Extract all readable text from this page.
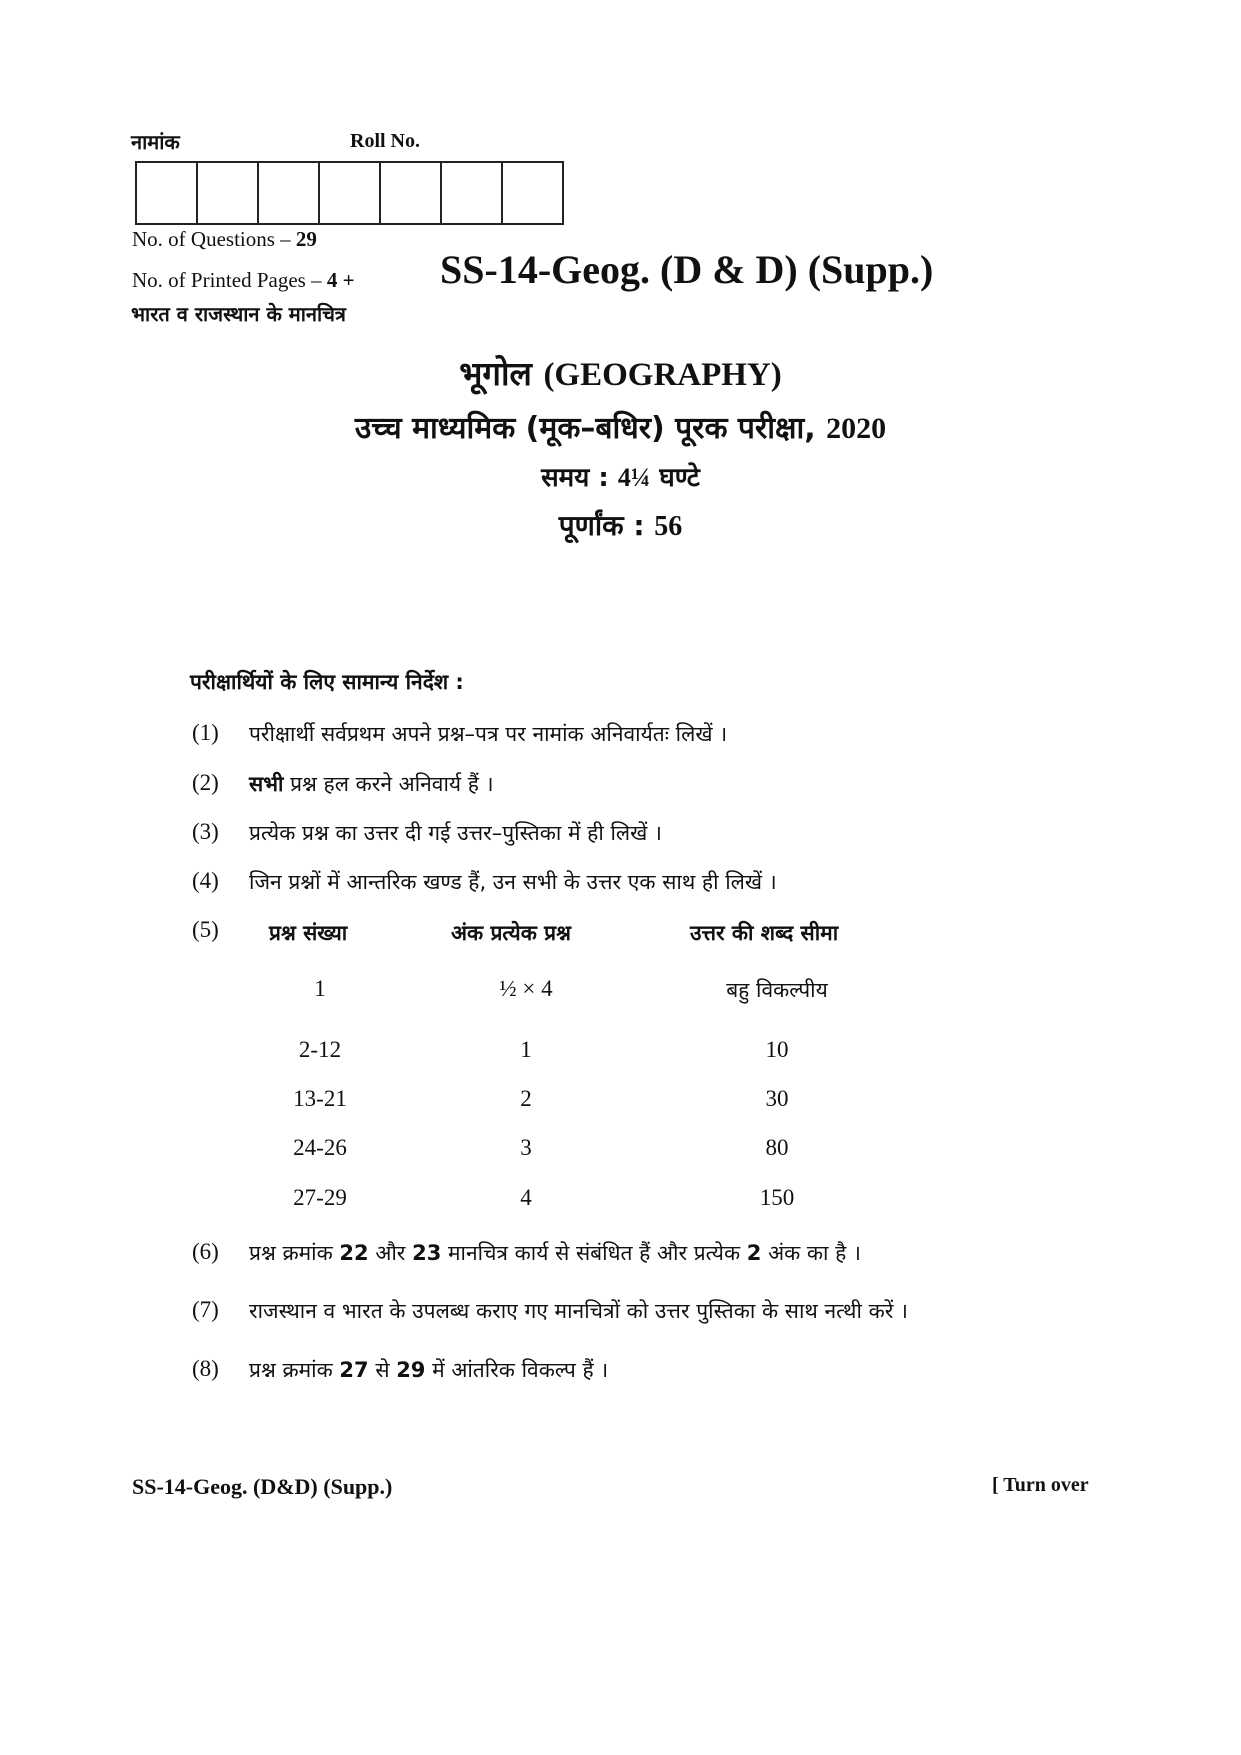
नामांक	Roll No.
No. of Questions – 29
No. of Printed Pages – 4 +
भारत व राजस्थान के मानचित्र
SS-14-Geog. (D & D) (Supp.)
भूगोल (GEOGRAPHY)
उच्च माध्यमिक (मूक–बधिर) पूरक परीक्षा, 2020
समय : 4¼ घण्टे
पूर्णांक : 56
परीक्षार्थियों के लिए सामान्य निर्देश :
(1) परीक्षार्थी सर्वप्रथम अपने प्रश्न–पत्र पर नामांक अनिवार्यतः लिखें ।
(2) सभी प्रश्न हल करने अनिवार्य हैं ।
(3) प्रत्येक प्रश्न का उत्तर दी गई उत्तर–पुस्तिका में ही लिखें ।
(4) जिन प्रश्नों में आन्तरिक खण्ड हैं, उन सभी के उत्तर एक साथ ही लिखें ।
(5) प्रश्न संख्या	अंक प्रत्येक प्रश्न	उत्तर की शब्द सीमा
1	½ × 4	बहु विकल्पीय
2-12	1	10
13-21	2	30
24-26	3	80
27-29	4	150
(6) प्रश्न क्रमांक 22 और 23 मानचित्र कार्य से संबंधित हैं और प्रत्येक 2 अंक का है ।
(7) राजस्थान व भारत के उपलब्ध कराए गए मानचित्रों को उत्तर पुस्तिका के साथ नत्थी करें ।
(8) प्रश्न क्रमांक 27 से 29 में आंतरिक विकल्प हैं ।
SS-14-Geog. (D&D) (Supp.)	[ Turn over
